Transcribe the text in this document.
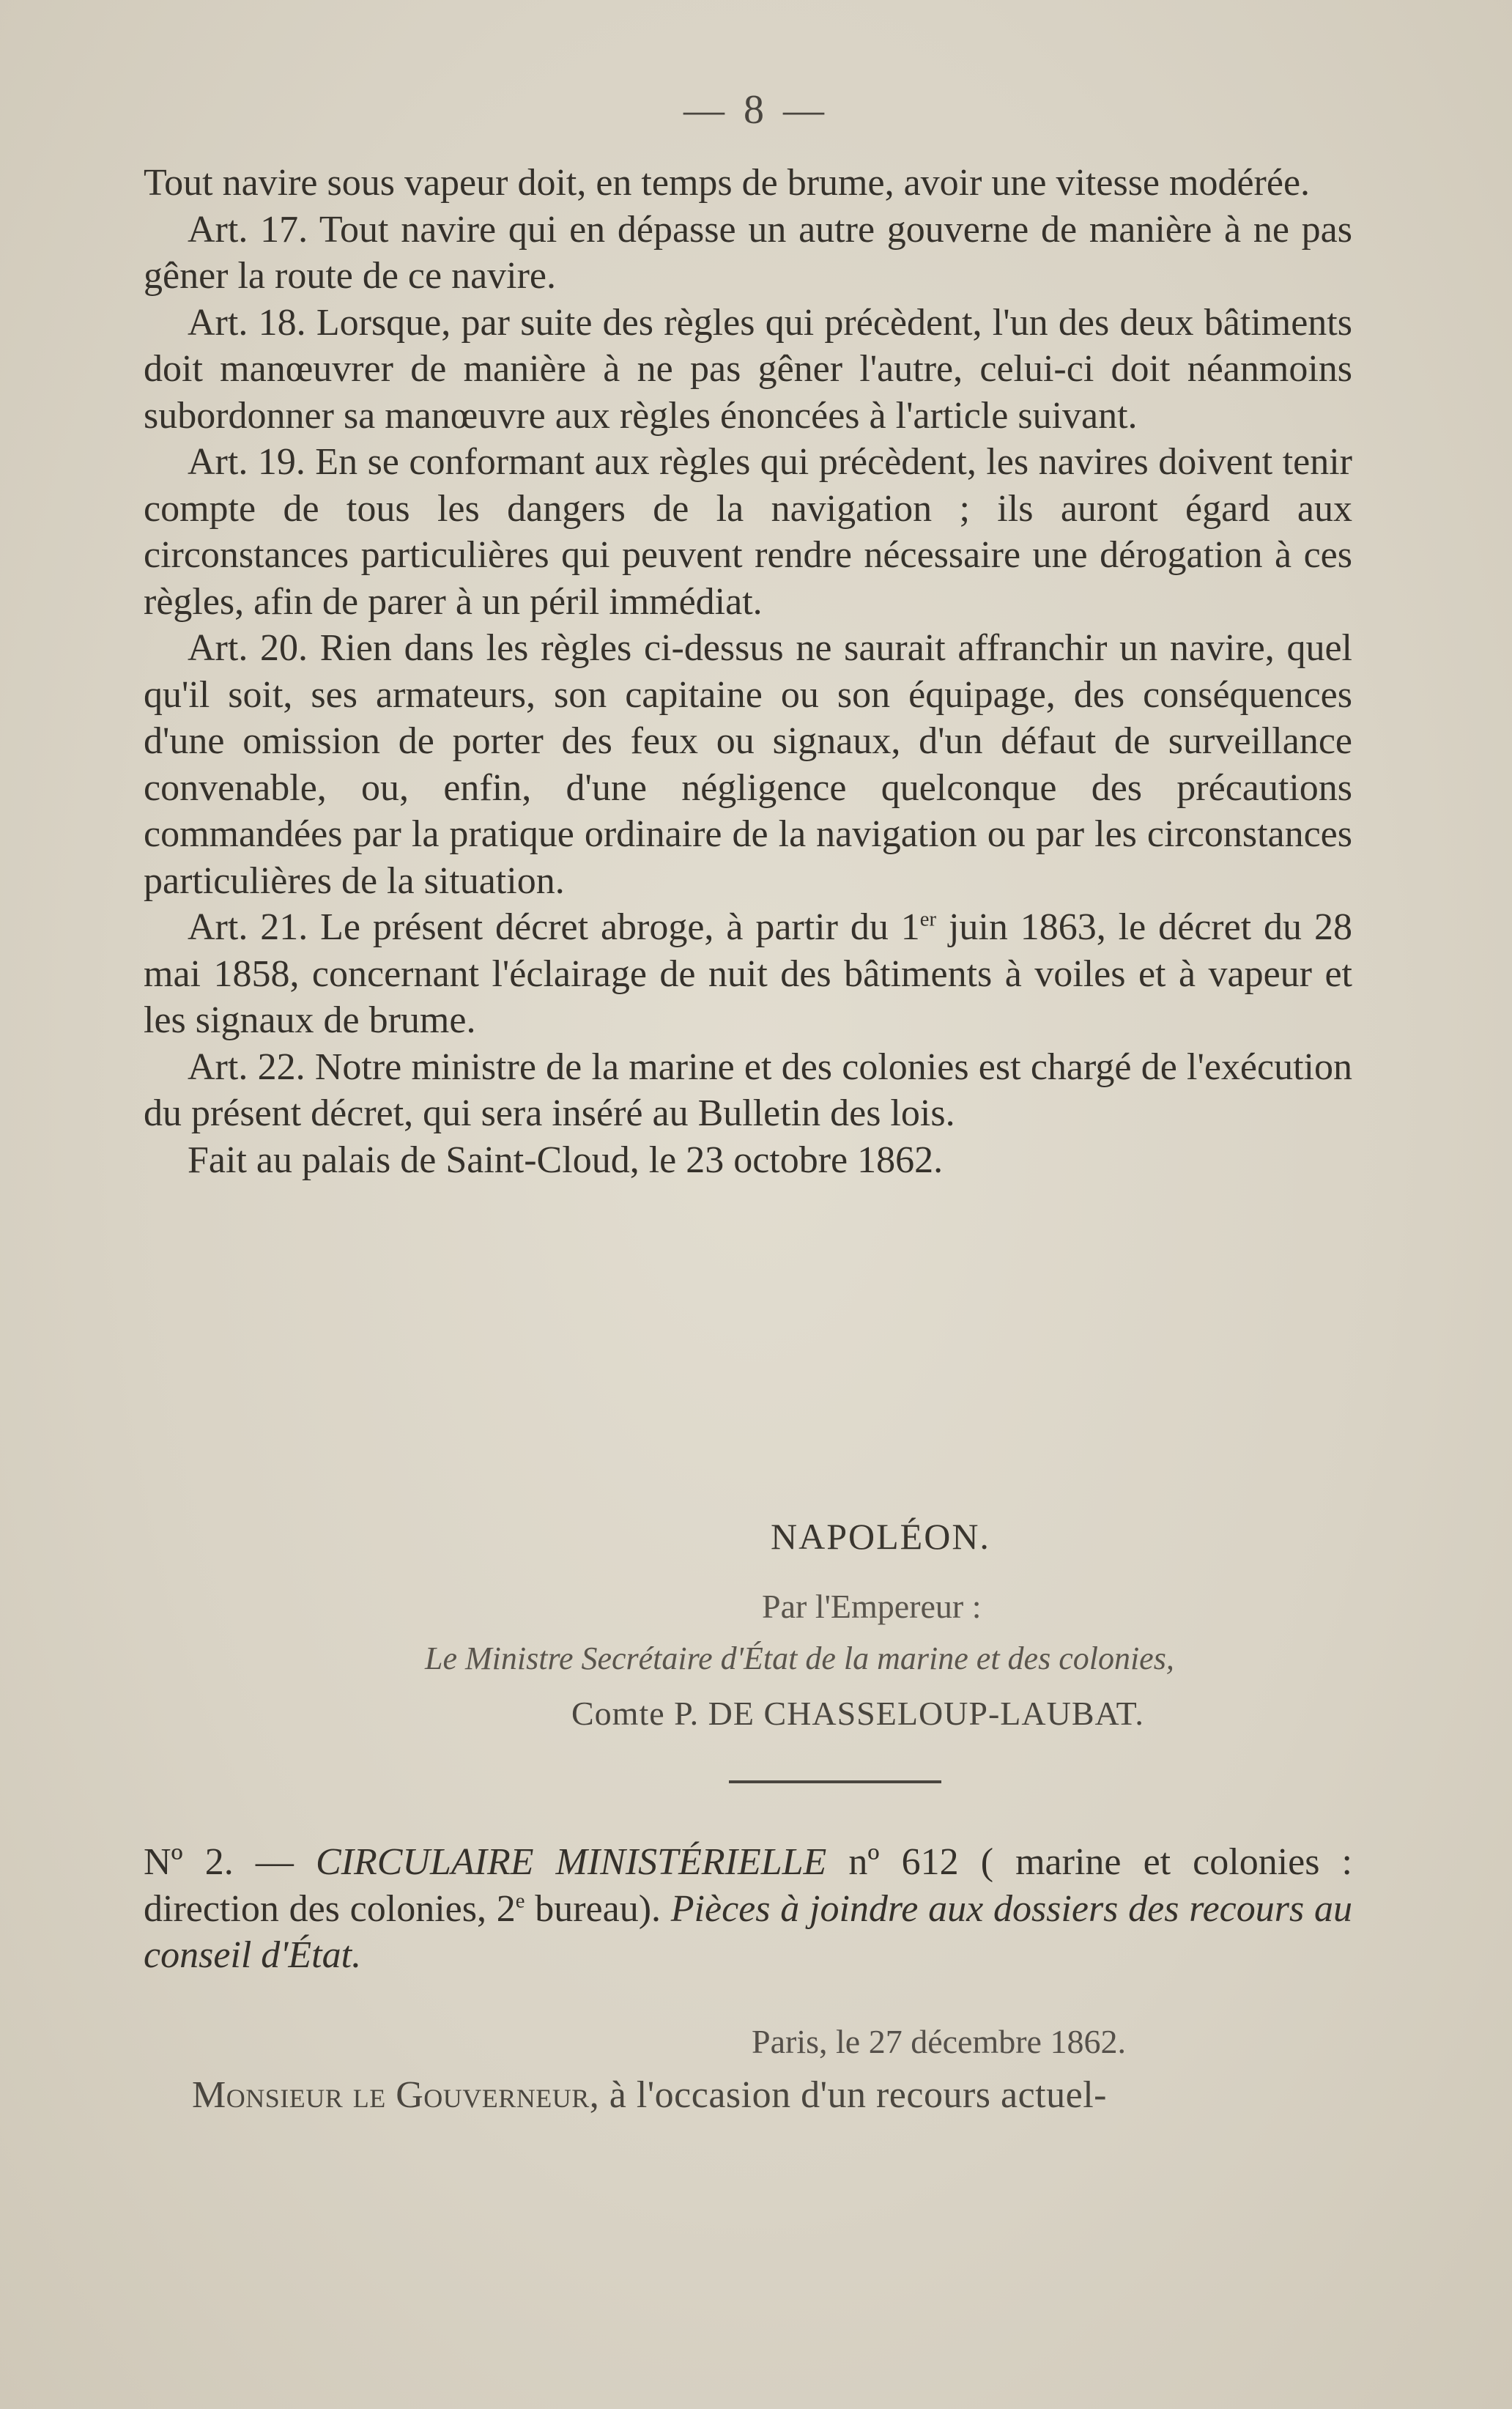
— 8 —

Tout navire sous vapeur doit, en temps de brume, avoir une vitesse modérée.

Art. 17. Tout navire qui en dépasse un autre gouverne de manière à ne pas gêner la route de ce navire.

Art. 18. Lorsque, par suite des règles qui précèdent, l'un des deux bâtiments doit manœuvrer de manière à ne pas gêner l'autre, celui-ci doit néanmoins subordonner sa manœuvre aux règles énoncées à l'article suivant.

Art. 19. En se conformant aux règles qui précèdent, les navires doivent tenir compte de tous les dangers de la navigation ; ils auront égard aux circonstances particulières qui peuvent rendre nécessaire une dérogation à ces règles, afin de parer à un péril immédiat.

Art. 20. Rien dans les règles ci-dessus ne saurait affranchir un navire, quel qu'il soit, ses armateurs, son capitaine ou son équipage, des conséquences d'une omission de porter des feux ou signaux, d'un défaut de surveillance convenable, ou, enfin, d'une négligence quelconque des précautions commandées par la pratique ordinaire de la navigation ou par les circonstances particulières de la situation.

Art. 21. Le présent décret abroge, à partir du 1er juin 1863, le décret du 28 mai 1858, concernant l'éclairage de nuit des bâtiments à voiles et à vapeur et les signaux de brume.

Art. 22. Notre ministre de la marine et des colonies est chargé de l'exécution du présent décret, qui sera inséré au Bulletin des lois.

Fait au palais de Saint-Cloud, le 23 octobre 1862.

NAPOLÉON.
Par l'Empereur :
Le Ministre Secrétaire d'État de la marine et des colonies,
Comte P. DE CHASSELOUP-LAUBAT.

Nº 2. — CIRCULAIRE MINISTÉRIELLE nº 612 ( marine et colonies : direction des colonies, 2e bureau). Pièces à joindre aux dossiers des recours au conseil d'État.

Paris, le 27 décembre 1862.
Monsieur le Gouverneur, à l'occasion d'un recours actuel-
